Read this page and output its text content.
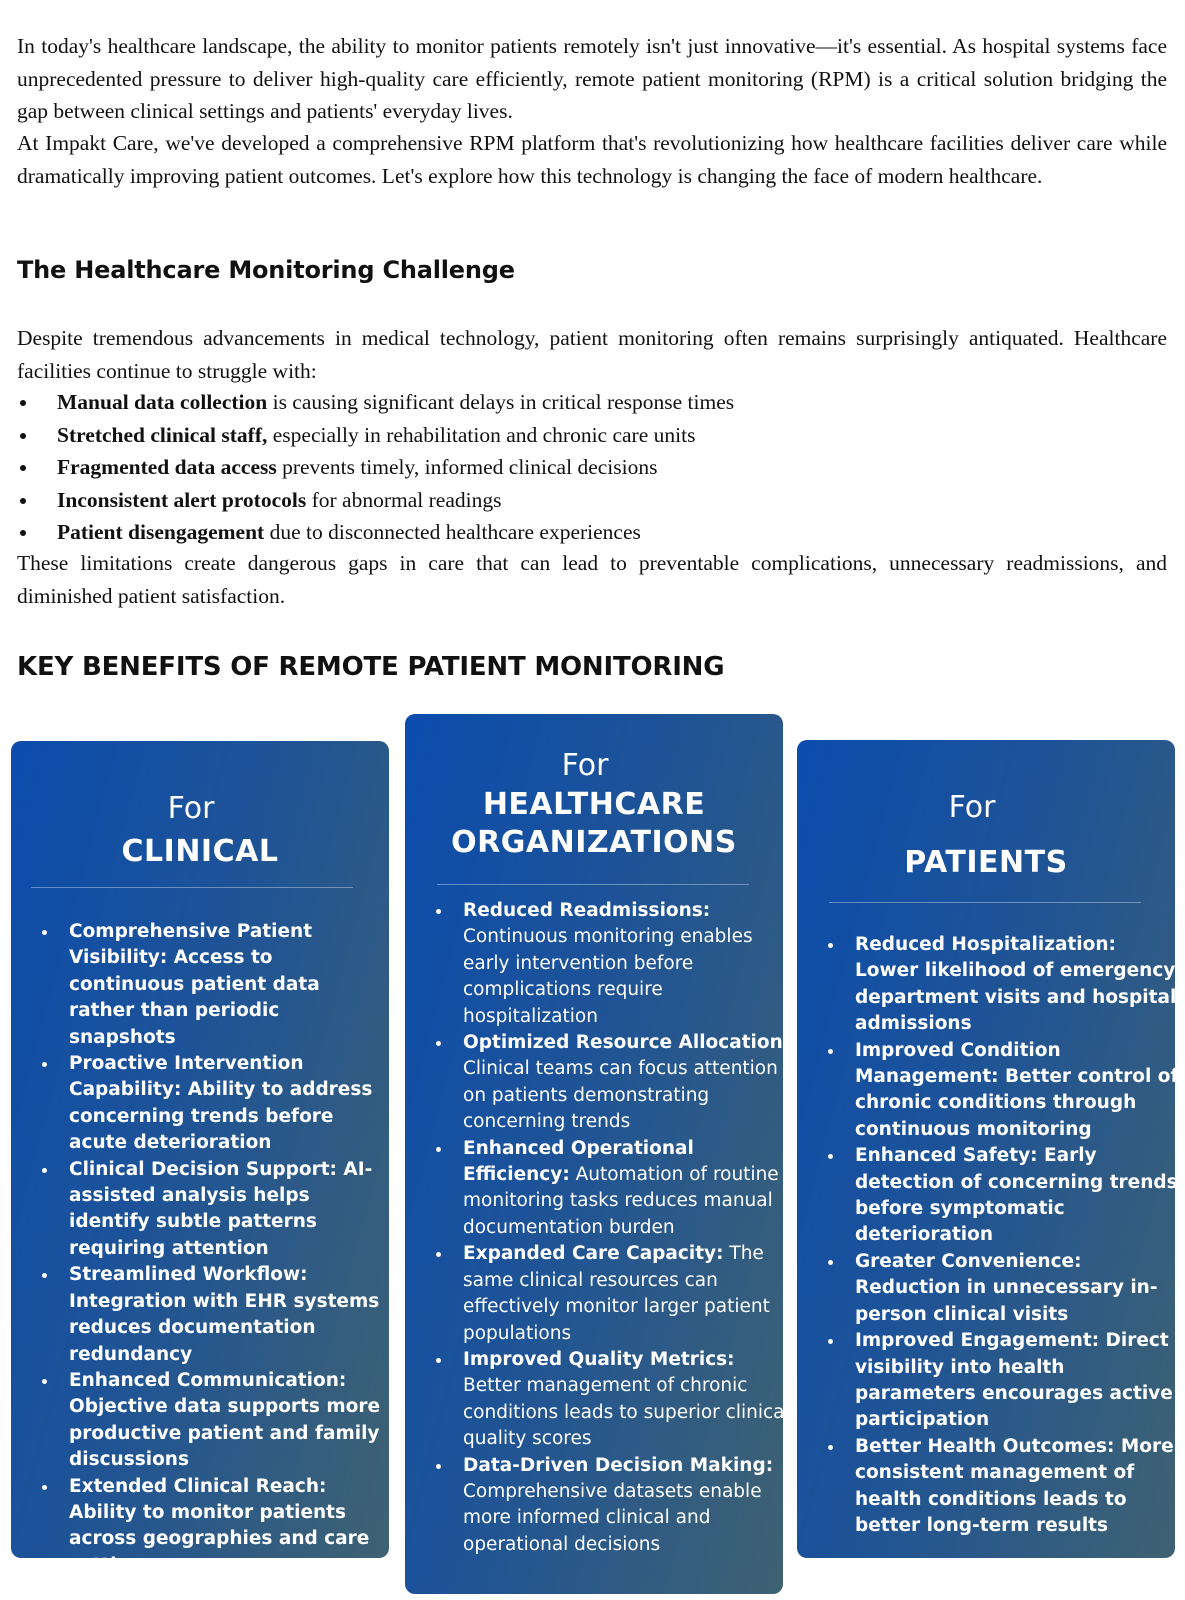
In today's healthcare landscape, the ability to monitor patients remotely isn't just innovative—it's essential. As hospital systems face unprecedented pressure to deliver high-quality care efficiently, remote patient monitoring (RPM) is a critical solution bridging the gap between clinical settings and patients' everyday lives.

At Impakt Care, we've developed a comprehensive RPM platform that's revolutionizing how healthcare facilities deliver care while dramatically improving patient outcomes. Let's explore how this technology is changing the face of modern healthcare.

The Healthcare Monitoring Challenge

Despite tremendous advancements in medical technology, patient monitoring often remains surprisingly antiquated. Healthcare facilities continue to struggle with:

• Manual data collection is causing significant delays in critical response times
• Stretched clinical staff, especially in rehabilitation and chronic care units
• Fragmented data access prevents timely, informed clinical decisions
• Inconsistent alert protocols for abnormal readings
• Patient disengagement due to disconnected healthcare experiences

These limitations create dangerous gaps in care that can lead to preventable complications, unnecessary readmissions, and diminished patient satisfaction.

KEY BENEFITS OF REMOTE PATIENT MONITORING
For
CLINICAL
• Comprehensive Patient Visibility: Access to continuous patient data rather than periodic snapshots
• Proactive Intervention Capability: Ability to address concerning trends before acute deterioration
• Clinical Decision Support: AI-assisted analysis helps identify subtle patterns requiring attention
• Streamlined Workflow: Integration with EHR systems reduces documentation redundancy
• Enhanced Communication: Objective data supports more productive patient and family discussions
• Extended Clinical Reach: Ability to monitor patients across geographies and care settings
For
HEALTHCARE
ORGANIZATIONS
• Reduced Readmissions: Continuous monitoring enables early intervention before complications require hospitalization
• Optimized Resource Allocation: Clinical teams can focus attention on patients demonstrating concerning trends
• Enhanced Operational Efficiency: Automation of routine monitoring tasks reduces manual documentation burden
• Expanded Care Capacity: The same clinical resources can effectively monitor larger patient populations
• Improved Quality Metrics: Better management of chronic conditions leads to superior clinical quality scores
• Data-Driven Decision Making: Comprehensive datasets enable more informed clinical and operational decisions
For
PATIENTS
• Reduced Hospitalization: Lower likelihood of emergency department visits and hospital admissions
• Improved Condition Management: Better control of chronic conditions through continuous monitoring
• Enhanced Safety: Early detection of concerning trends before symptomatic deterioration
• Greater Convenience: Reduction in unnecessary in-person clinical visits
• Improved Engagement: Direct visibility into health parameters encourages active participation
• Better Health Outcomes: More consistent management of health conditions leads to better long-term results
